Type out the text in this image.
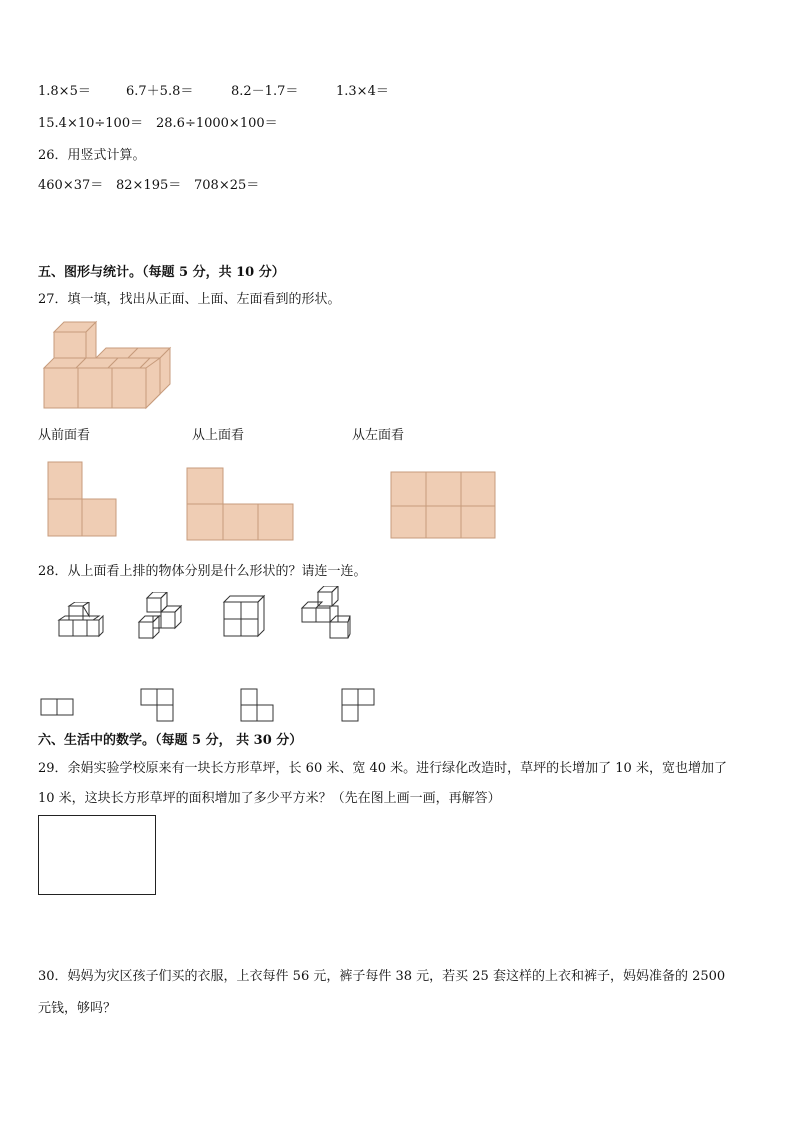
1.8×5＝	6.7＋5.8＝	8.2－1.7＝	1.3×4＝
15.4×10÷100＝ 28.6÷1000×100＝
26．用竖式计算。
460×37＝ 82×195＝ 708×25＝
五、图形与统计。（每题 5 分，共 10 分）
27．填一填，找出从正面、上面、左面看到的形状。
从前面看	从上面看	从左面看
28．从上面看上排的物体分别是什么形状的？请连一连。
六、生活中的数学。（每题 5 分， 共 30 分）
29．余娟实验学校原来有一块长方形草坪，长 60 米、宽 40 米。进行绿化改造时，草坪的长增加了 10 米，宽也增加了
10 米，这块长方形草坪的面积增加了多少平方米？（先在图上画一画，再解答）
30．妈妈为灾区孩子们买的衣服，上衣每件 56 元，裤子每件 38 元，若买 25 套这样的上衣和裤子，妈妈准备的 2500
元钱，够吗？
